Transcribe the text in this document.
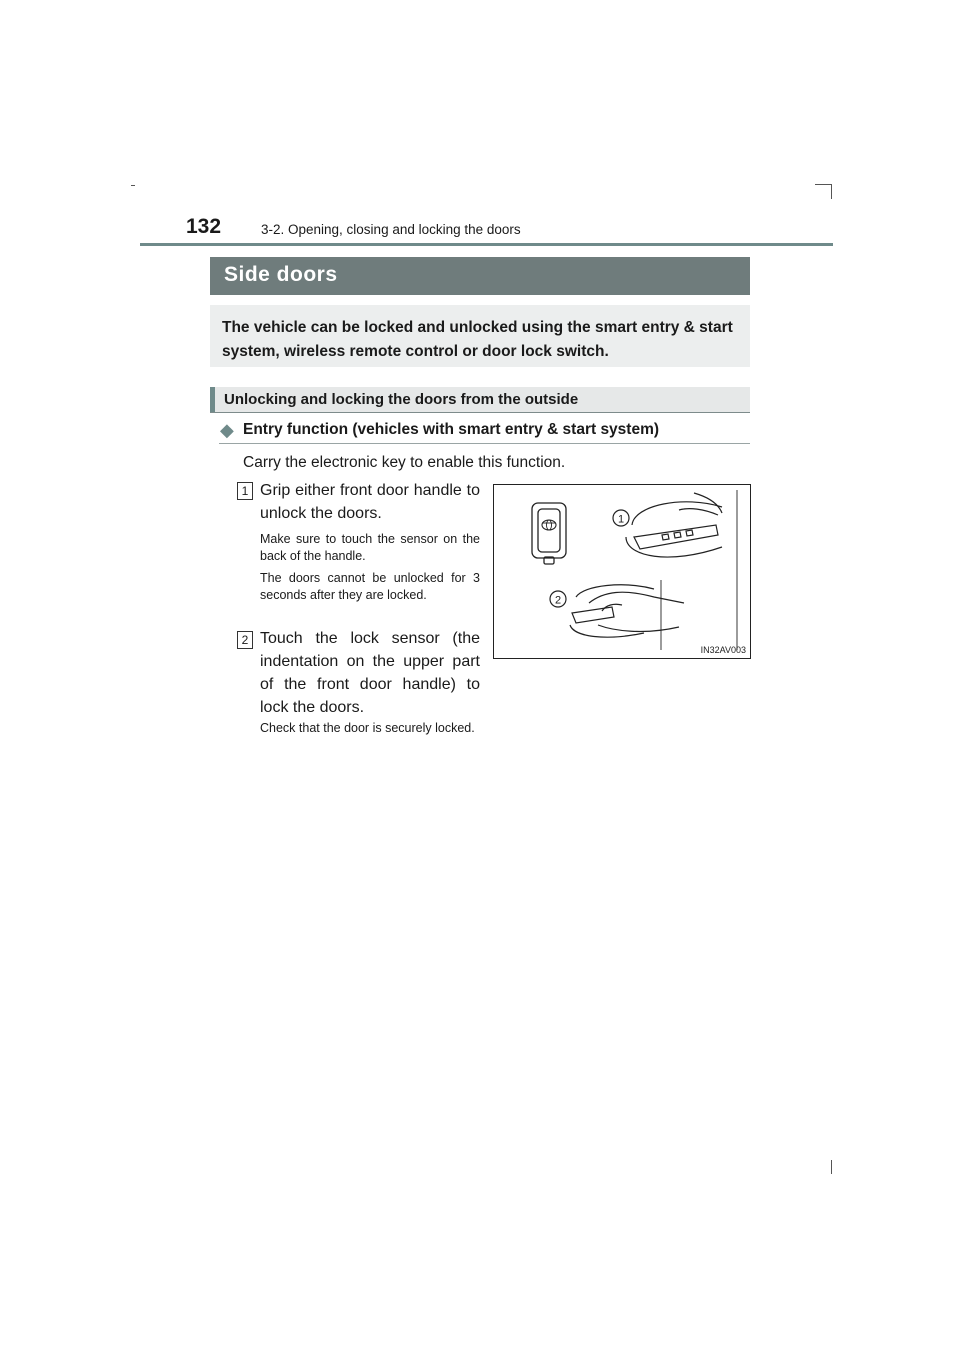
132	3-2. Opening, closing and locking the doors
Side doors
The vehicle can be locked and unlocked using the smart entry & start system, wireless remote control or door lock switch.
Unlocking and locking the doors from the outside
◆ Entry function (vehicles with smart entry & start system)
Carry the electronic key to enable this function.
1 Grip either front door handle to unlock the doors.
Make sure to touch the sensor on the back of the handle.
The doors cannot be unlocked for 3 seconds after they are locked.
2 Touch the lock sensor (the indentation on the upper part of the front door handle) to lock the doors.
Check that the door is securely locked.
1
2
IN32AV003
